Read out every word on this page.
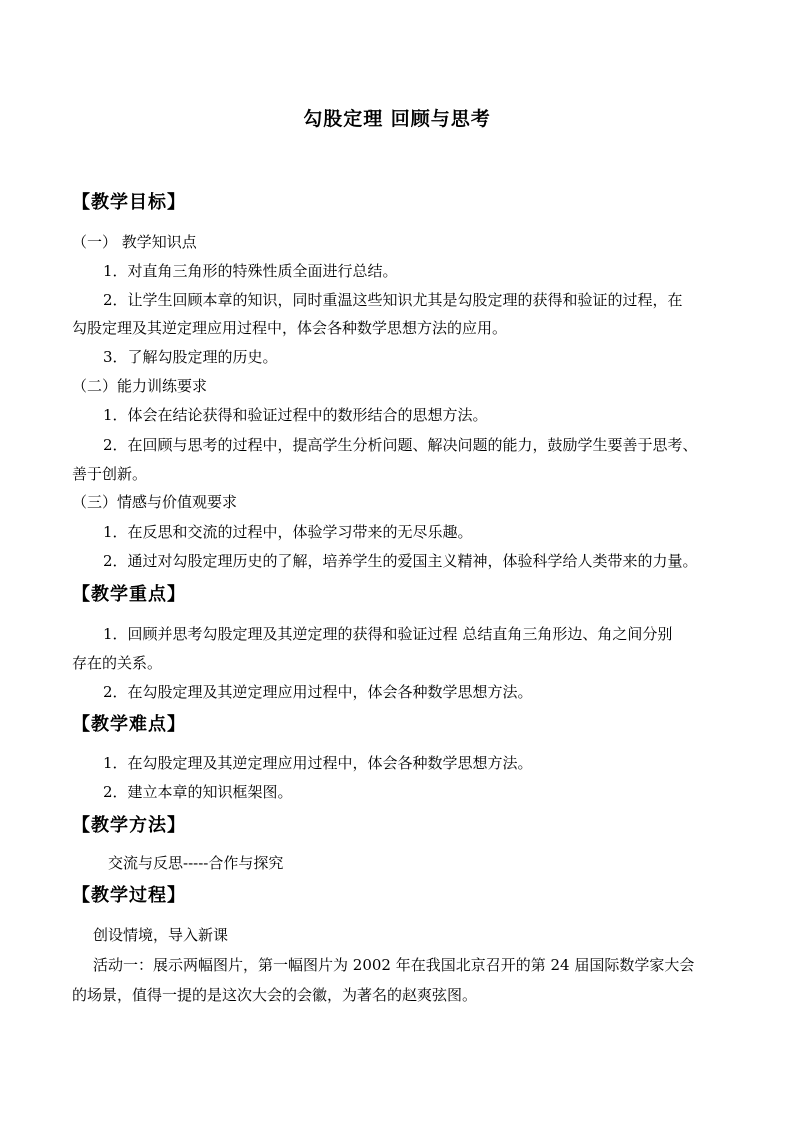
勾股定理 回顾与思考
【教学目标】
（一） 教学知识点
1．对直角三角形的特殊性质全面进行总结。
2．让学生回顾本章的知识，同时重温这些知识尤其是勾股定理的获得和验证的过程，在
勾股定理及其逆定理应用过程中，体会各种数学思想方法的应用。
3．了解勾股定理的历史。
（二）能力训练要求
1．体会在结论获得和验证过程中的数形结合的思想方法。
2．在回顾与思考的过程中，提高学生分析问题、解决问题的能力，鼓励学生要善于思考、
善于创新。
（三）情感与价值观要求
1．在反思和交流的过程中，体验学习带来的无尽乐趣。
2．通过对勾股定理历史的了解，培养学生的爱国主义精神，体验科学给人类带来的力量。
【教学重点】
1．回顾并思考勾股定理及其逆定理的获得和验证过程 总结直角三角形边、角之间分别
存在的关系。
2．在勾股定理及其逆定理应用过程中，体会各种数学思想方法。
【教学难点】
1．在勾股定理及其逆定理应用过程中，体会各种数学思想方法。
2．建立本章的知识框架图。
【教学方法】
交流与反思-----合作与探究
【教学过程】
创设情境，导入新课
活动一：展示两幅图片，第一幅图片为 2002 年在我国北京召开的第 24 届国际数学家大会
的场景，值得一提的是这次大会的会徽，为著名的赵爽弦图。
